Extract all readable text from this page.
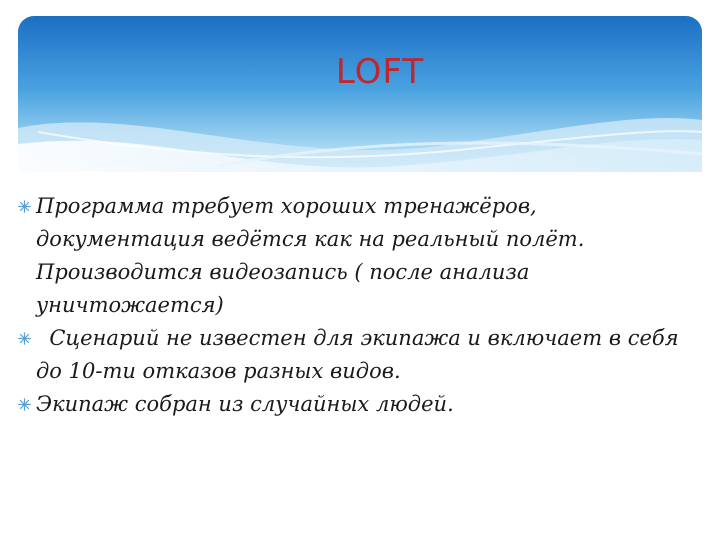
LOFT
Программа требует хороших тренажёров, документация ведётся как на реальный полёт. Производится видеозапись ( после анализа уничтожается)
Сценарий не известен для экипажа и включает в себя до 10-ти отказов разных видов.
Экипаж собран из случайных людей.
